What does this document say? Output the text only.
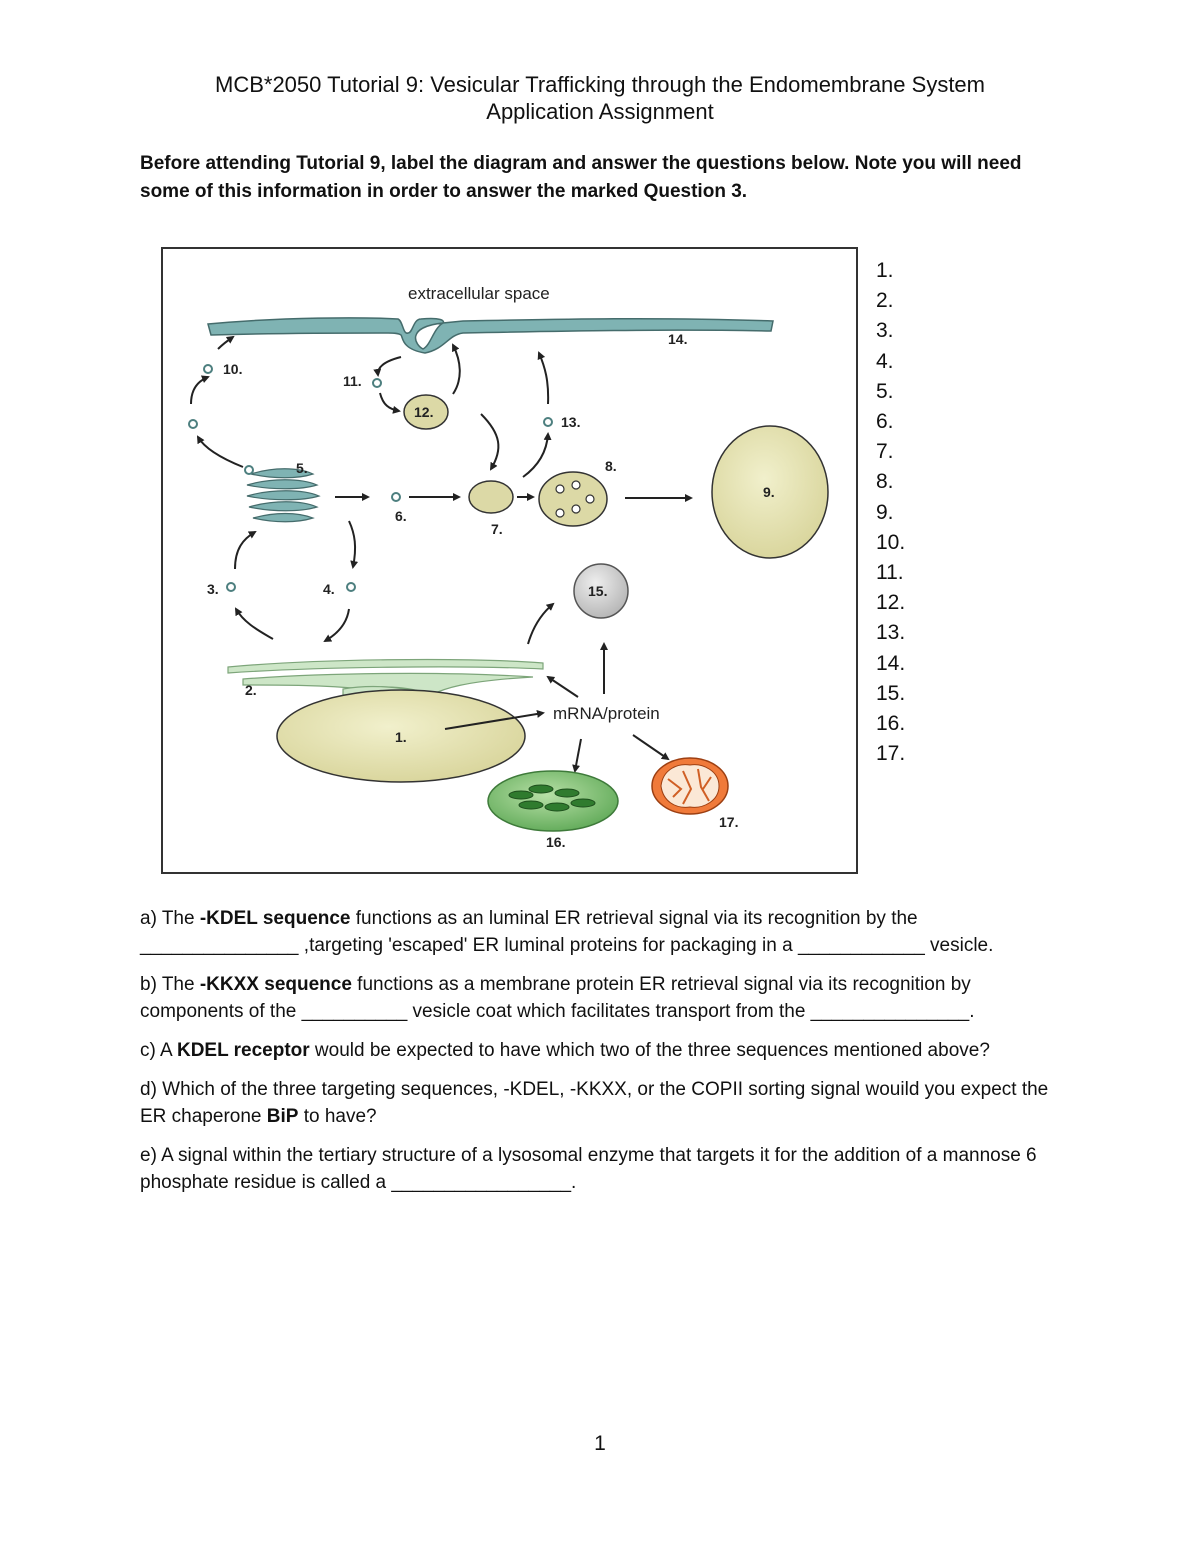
MCB*2050 Tutorial 9: Vesicular Trafficking through the Endomembrane System
Application Assignment
Before attending Tutorial 9, label the diagram and answer the questions below. Note you will need some of this information in order to answer the marked Question 3.
extracellular space
14.
10.
11.
12.
13.
5.
6.
7.
8.
9.
3.	4.	15.
2.
1.
mRNA/protein
16.
17.
1.
2.
3.
4.
5.
6.
7.
8.
9.
10.
11.
12.
13.
14.
15.
16.
17.

a) The -KDEL sequence functions as an luminal ER retrieval signal via its recognition by the _______________ ,targeting 'escaped' ER luminal proteins for packaging in a ____________ vesicle.

b) The -KKXX sequence functions as a membrane protein ER retrieval signal via its recognition by components of the __________ vesicle coat which facilitates transport from the _______________.

c) A KDEL receptor would be expected to have which two of the three sequences mentioned above?

d) Which of the three targeting sequences, -KDEL, -KKXX, or the COPII sorting signal wouild you expect the ER chaperone BiP to have?

e) A signal within the tertiary structure of a lysosomal enzyme that targets it for the addition of a mannose 6 phosphate residue is called a _________________.

1
